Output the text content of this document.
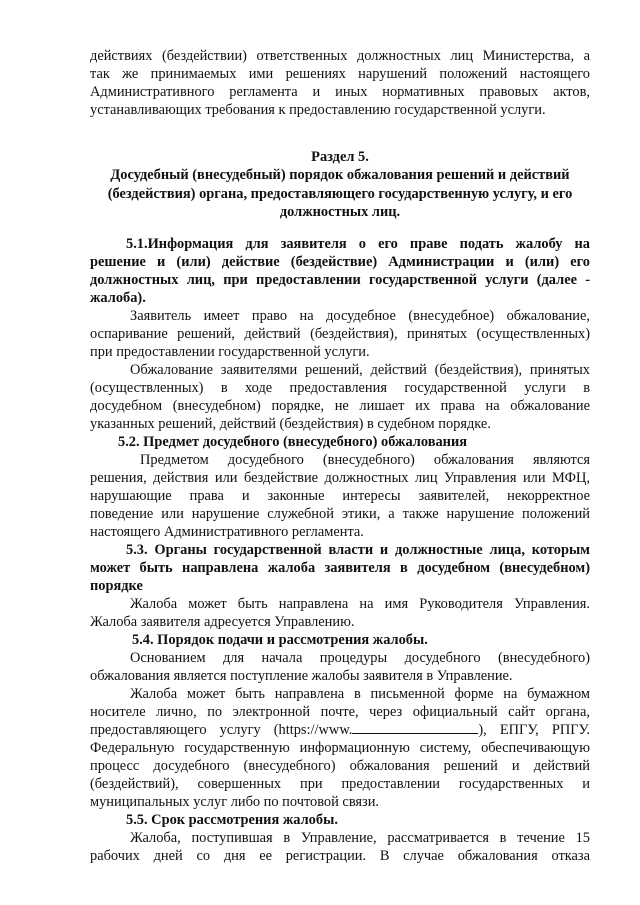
действиях (бездействии) ответственных должностных лиц Министерства, а
так же принимаемых ими решениях нарушений положений настоящего
Административного регламента и иных нормативных правовых актов,
устанавливающих требования к предоставлению государственной услуги.
Раздел 5.
Досудебный (внесудебный) порядок обжалования решений и действий
(бездействия) органа, предоставляющего государственную услугу, и его
должностных лиц.
5.1.Информация для заявителя о его праве подать жалобу на
решение и (или) действие (бездействие) Администрации и (или) его
должностных лиц, при предоставлении государственной услуги (далее -
жалоба).
Заявитель имеет право на досудебное (внесудебное) обжалование,
оспаривание решений, действий (бездействия), принятых (осуществленных)
при предоставлении государственной услуги.
Обжалование заявителями решений, действий (бездействия), принятых
(осуществленных) в ходе предоставления государственной услуги в
досудебном (внесудебном) порядке, не лишает их права на обжалование
указанных решений, действий (бездействия) в судебном порядке.
5.2. Предмет досудебного (внесудебного) обжалования
Предметом досудебного (внесудебного) обжалования являются
решения, действия или бездействие должностных лиц Управления или МФЦ,
нарушающие права и законные интересы заявителей, некорректное
поведение или нарушение служебной этики, а также нарушение положений
настоящего Административного регламента.
5.3. Органы государственной власти и должностные лица, которым
может быть направлена жалоба заявителя в досудебном (внесудебном)
порядке
Жалоба может быть направлена на имя Руководителя Управления.
Жалоба заявителя адресуется Управлению.
5.4. Порядок подачи и рассмотрения жалобы.
Основанием для начала процедуры досудебного (внесудебного)
обжалования является поступление жалобы заявителя в Управление.
Жалоба может быть направлена в письменной форме на бумажном
носителе лично, по электронной почте, через официальный сайт органа,
предоставляющего услугу (https://www.	), ЕПГУ, РПГУ.
Федеральную государственную информационную систему, обеспечивающую
процесс досудебного (внесудебного) обжалования решений и действий
(бездействий), совершенных при предоставлении государственных и
муниципальных услуг либо по почтовой связи.
5.5. Срок рассмотрения жалобы.
Жалоба, поступившая в Управление, рассматривается в течение 15
рабочих дней со дня ее регистрации. В случае обжалования отказа
